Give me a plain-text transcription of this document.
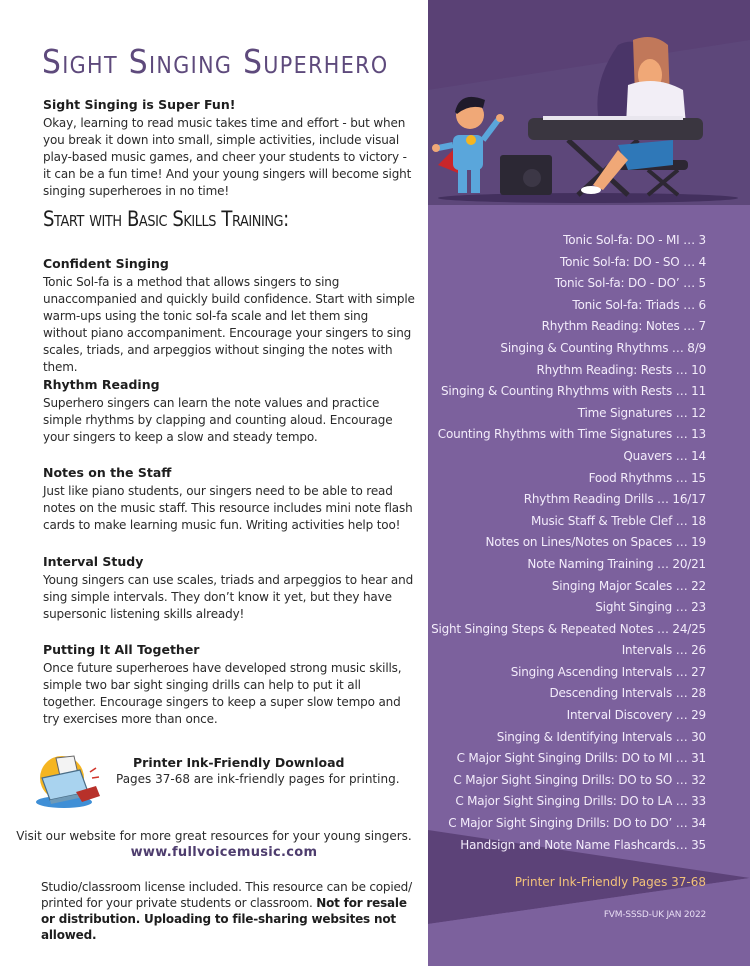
Sight Singing Superhero
Sight Singing is Super Fun!
Okay, learning to read music takes time and effort - but when you break it down into small, simple activities, include visual play-based music games, and cheer your students to victory - it can be a fun time! And your young singers will become sight singing superheroes in no time!
Start with Basic Skills Training:
Confident Singing
Tonic Sol-fa is a method that allows singers to sing unaccompanied and quickly build confidence. Start with simple warm-ups using the tonic sol-fa scale and let them sing without piano accompaniment. Encourage your singers to sing scales, triads, and arpeggios without singing the notes with them.
Rhythm Reading
Superhero singers can learn the note values and practice simple rhythms by clapping and counting aloud. Encourage your singers to keep a slow and steady tempo.
Notes on the Staff
Just like piano students, our singers need to be able to read notes on the music staff. This resource includes mini note flash cards to make learning music fun. Writing activities help too!
Interval Study
Young singers can use scales, triads and arpeggios to hear and sing simple intervals. They don’t know it yet, but they have supersonic listening skills already!
Putting It All Together
Once future superheroes have developed strong music skills, simple two bar sight singing drills can help to put it all together. Encourage singers to keep a super slow tempo and try exercises more than once.
Printer Ink-Friendly Download
Pages 37-68 are ink-friendly pages for printing.
Visit our website for more great resources for your young singers.
www.fullvoicemusic.com
Studio/classroom license included. This resource can be copied/ printed for your private students or classroom. Not for resale or distribution. Uploading to file-sharing websites not allowed.
Tonic Sol-fa: DO - MI … 3
Tonic Sol-fa: DO - SO … 4
Tonic Sol-fa: DO - DO’ … 5
Tonic Sol-fa: Triads … 6
Rhythm Reading: Notes … 7
Singing & Counting Rhythms … 8/9
Rhythm Reading: Rests … 10
Singing & Counting Rhythms with Rests … 11
Time Signatures … 12
Counting Rhythms with Time Signatures … 13
Quavers … 14
Food Rhythms … 15
Rhythm Reading Drills … 16/17
Music Staff & Treble Clef … 18
Notes on Lines/Notes on Spaces … 19
Note Naming Training … 20/21
Singing Major Scales … 22
Sight Singing … 23
Sight Singing Steps & Repeated Notes … 24/25
Intervals … 26
Singing Ascending Intervals … 27
Descending Intervals … 28
Interval Discovery … 29
Singing & Identifying Intervals … 30
C Major Sight Singing Drills: DO to MI … 31
C Major Sight Singing Drills: DO to SO … 32
C Major Sight Singing Drills: DO to LA … 33
C Major Sight Singing Drills: DO to DO’ … 34
Handsign and Note Name Flashcards… 35
Printer Ink-Friendly Pages 37-68
FVM-SSSD-UK JAN 2022
